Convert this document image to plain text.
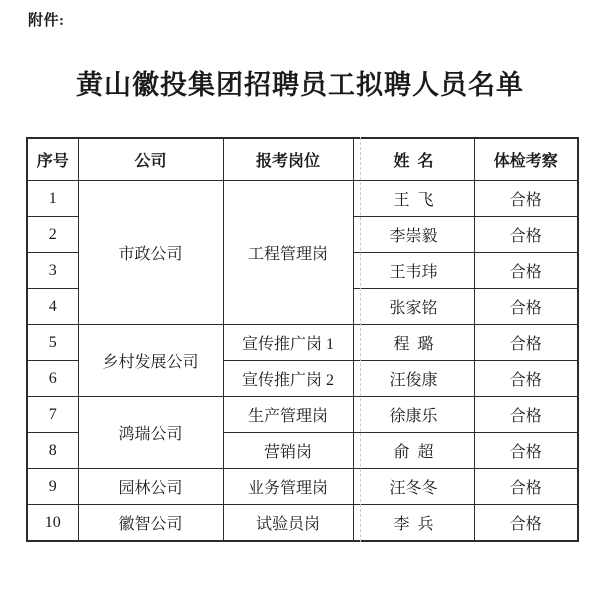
附件:
黄山徽投集团招聘员工拟聘人员名单
序号	公司	报考岗位	姓  名	体检考察
1	市政公司	工程管理岗	王  飞	合格
2			李崇毅	合格
3			王韦玮	合格
4			张家铭	合格
5	乡村发展公司	宣传推广岗 1	程  璐	合格
6		宣传推广岗 2	汪俊康	合格
7	鸿瑞公司	生产管理岗	徐康乐	合格
8		营销岗	俞  超	合格
9	园林公司	业务管理岗	汪冬冬	合格
10	徽智公司	试验员岗	李  兵	合格
